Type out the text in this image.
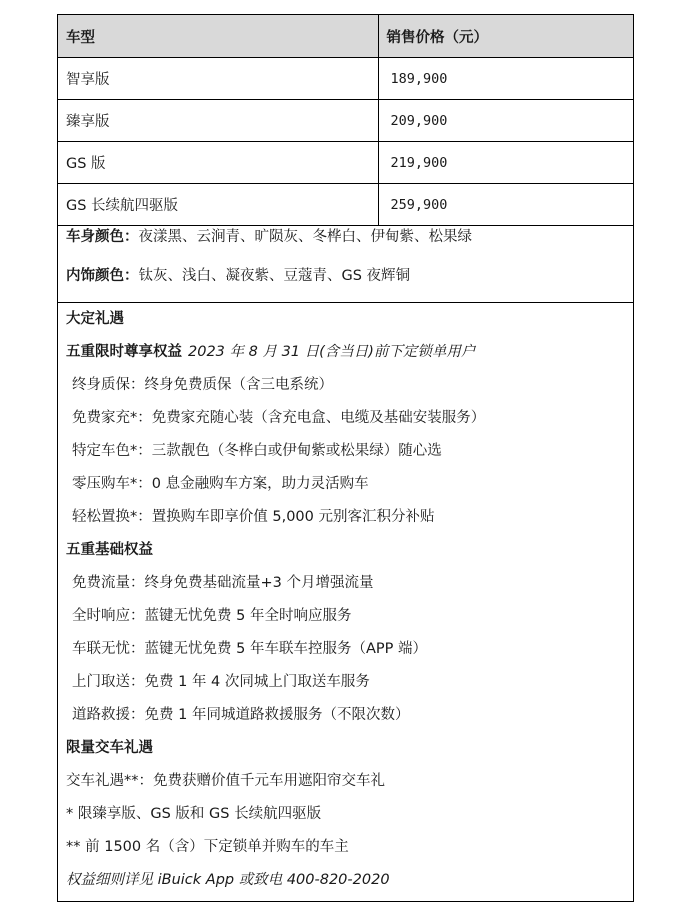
车型	销售价格（元）
智享版	189,900
臻享版	209,900
GS 版	219,900
GS 长续航四驱版	259,900
车身颜色：夜漾黑、云涧青、旷陨灰、冬桦白、伊甸紫、松果绿
内饰颜色：钛灰、浅白、凝夜紫、豆蔻青、GS 夜辉铜
大定礼遇
五重限时尊享权益 2023 年 8 月 31 日(含当日)前下定锁单用户
终身质保：终身免费质保（含三电系统）
免费家充*：免费家充随心装（含充电盒、电缆及基础安装服务）
特定车色*：三款靓色（冬桦白或伊甸紫或松果绿）随心选
零压购车*：0 息金融购车方案，助力灵活购车
轻松置换*：置换购车即享价值 5,000 元别客汇积分补贴
五重基础权益
免费流量：终身免费基础流量+3 个月增强流量
全时响应：蓝键无忧免费 5 年全时响应服务
车联无忧：蓝键无忧免费 5 年车联车控服务（APP 端）
上门取送：免费 1 年 4 次同城上门取送车服务
道路救援：免费 1 年同城道路救援服务（不限次数）
限量交车礼遇
交车礼遇**：免费获赠价值千元车用遮阳帘交车礼
* 限臻享版、GS 版和 GS 长续航四驱版
** 前 1500 名（含）下定锁单并购车的车主
权益细则详见 iBuick App 或致电 400-820-2020
